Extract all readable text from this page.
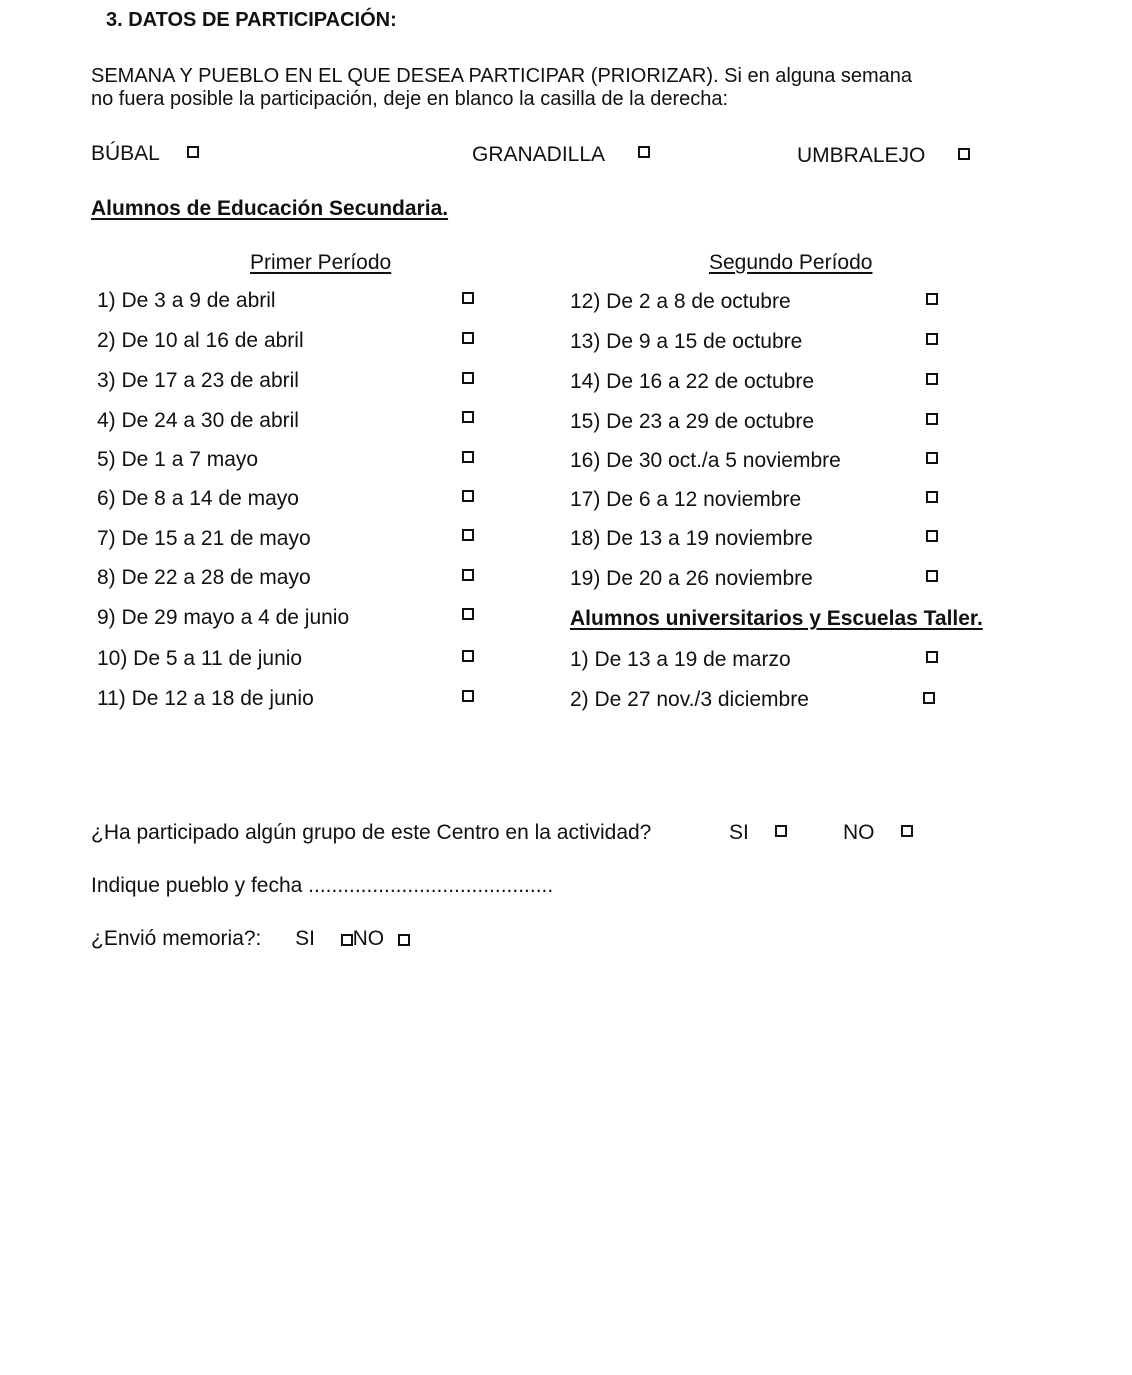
3. DATOS DE PARTICIPACIÓN:
SEMANA Y PUEBLO EN EL QUE DESEA PARTICIPAR (PRIORIZAR). Si en alguna semana
no fuera posible la participación, deje en blanco la casilla de la derecha:
BÚBAL	GRANADILLA	UMBRALEJO
Alumnos de Educación Secundaria.
Primer Período	Segundo Período
1) De 3 a 9 de abril
2) De 10 al 16 de abril
3) De 17 a 23 de abril
4) De 24 a 30 de abril
5) De 1 a 7 mayo
6) De 8 a 14 de mayo
7) De 15 a 21 de mayo
8) De 22 a 28 de mayo
9) De 29 mayo a 4 de junio
10) De 5 a 11 de junio
11) De 12 a 18 de junio
12) De 2 a 8 de octubre
13) De 9 a 15 de octubre
14) De 16 a 22 de octubre
15) De 23 a 29 de octubre
16) De 30 oct./a 5 noviembre
17) De 6 a 12 noviembre
18) De 13 a 19 noviembre
19) De 20 a 26 noviembre
Alumnos universitarios y Escuelas Taller.
1) De 13 a 19 de marzo
2) De 27 nov./3 diciembre
¿Ha participado algún grupo de este Centro en la actividad?	SI	NO
Indique pueblo y fecha ..........................................
¿Envió memoria?: SI NO
